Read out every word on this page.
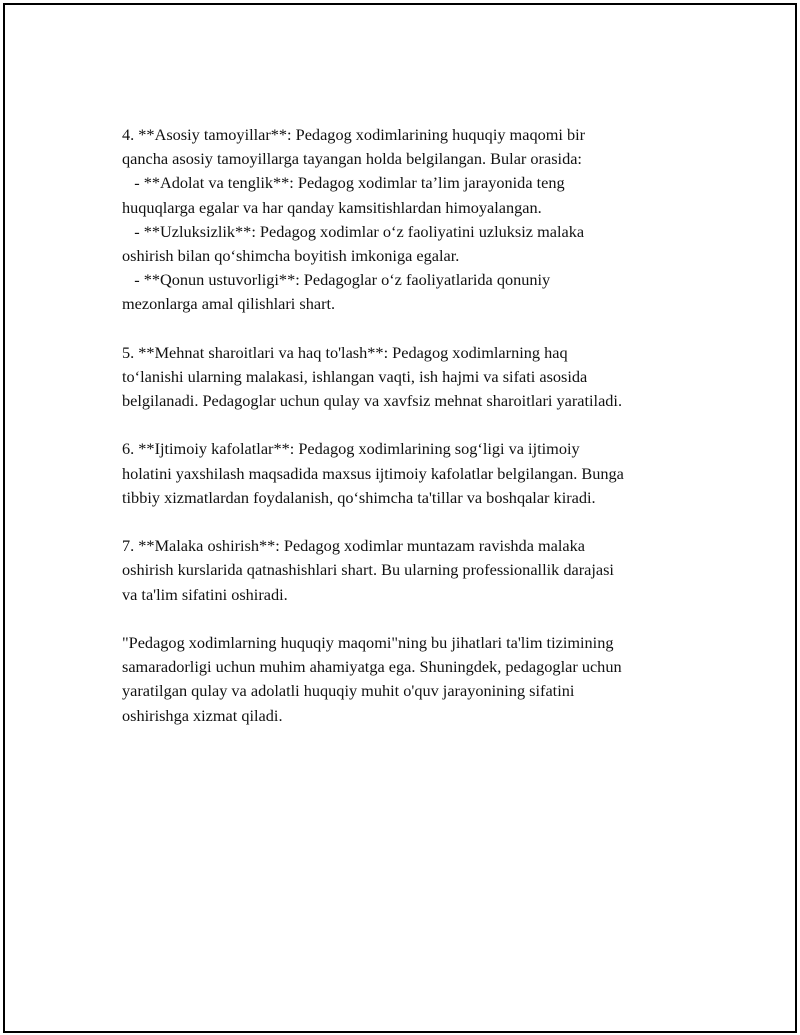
4. **Asosiy tamoyillar**: Pedagog xodimlarining huquqiy maqomi bir
qancha asosiy tamoyillarga tayangan holda belgilangan. Bular orasida:
- **Adolat va tenglik**: Pedagog xodimlar ta’lim jarayonida teng
huquqlarga egalar va har qanday kamsitishlardan himoyalangan.
- **Uzluksizlik**: Pedagog xodimlar o‘z faoliyatini uzluksiz malaka
oshirish bilan qo‘shimcha boyitish imkoniga egalar.
- **Qonun ustuvorligi**: Pedagoglar o‘z faoliyatlarida qonuniy
mezonlarga amal qilishlari shart.
5. **Mehnat sharoitlari va haq to'lash**: Pedagog xodimlarning haq
to‘lanishi ularning malakasi, ishlangan vaqti, ish hajmi va sifati asosida
belgilanadi. Pedagoglar uchun qulay va xavfsiz mehnat sharoitlari yaratiladi.
6. **Ijtimoiy kafolatlar**: Pedagog xodimlarining sog‘ligi va ijtimoiy
holatini yaxshilash maqsadida maxsus ijtimoiy kafolatlar belgilangan. Bunga
tibbiy xizmatlardan foydalanish, qo‘shimcha ta'tillar va boshqalar kiradi.
7. **Malaka oshirish**: Pedagog xodimlar muntazam ravishda malaka
oshirish kurslarida qatnashishlari shart. Bu ularning professionallik darajasi
va ta'lim sifatini oshiradi.
"Pedagog xodimlarning huquqiy maqomi"ning bu jihatlari ta'lim tizimining
samaradorligi uchun muhim ahamiyatga ega. Shuningdek, pedagoglar uchun
yaratilgan qulay va adolatli huquqiy muhit o'quv jarayonining sifatini
oshirishga xizmat qiladi.
